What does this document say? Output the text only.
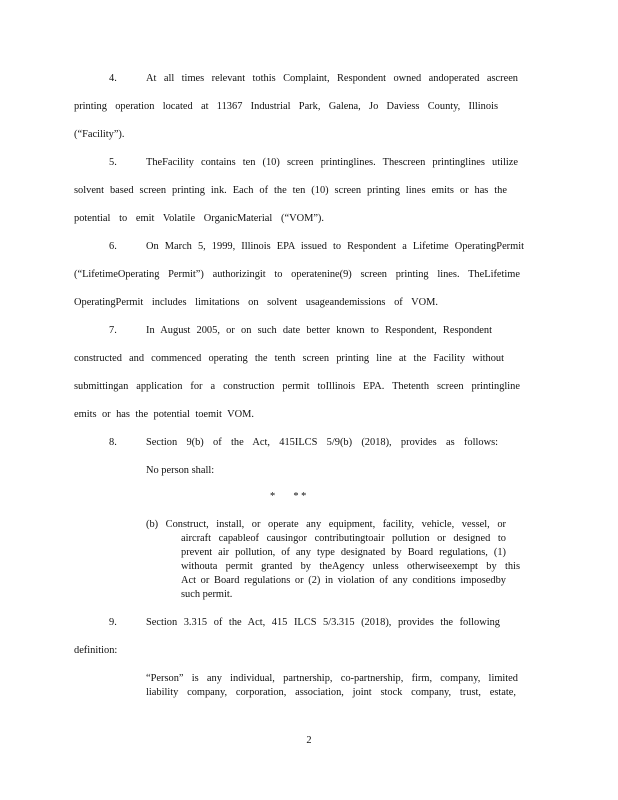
4.	At all times relevant tothis Complaint, Respondent owned andoperated ascreen
printing operation located at 11367 Industrial Park, Galena, Jo Daviess County, Illinois
(“Facility”).
5.	TheFacility contains ten (10) screen printinglines. Thescreen printinglines utilize
solvent based screen printing ink. Each of the ten (10) screen printing lines emits or has the
potential to emit Volatile OrganicMaterial (“VOM”).
6.	On March 5, 1999, Illinois EPA issued to Respondent a Lifetime OperatingPermit
(“LifetimeOperating Permit”) authorizingit to operatenine(9) screen printing lines. TheLifetime
OperatingPermit includes limitations on solvent usageandemissions of VOM.
7.	In August 2005, or on such date better known to Respondent, Respondent
constructed and commenced operating the tenth screen printing line at the Facility without
submittingan application for a construction permit toIllinois EPA. Thetenth screen printingline
emits or has the potential toemit VOM.
8.	Section 9(b) of the Act, 415ILCS 5/9(b) (2018), provides as follows:
No person shall:
*       * *
(b) Construct, install, or operate any equipment, facility, vehicle, vessel, or
aircraft capableof causingor contributingtoair pollution or designed to
prevent air pollution, of any type designated by Board regulations, (1)
withouta permit granted by theAgency unless otherwiseexempt by this
Act or Board regulations or (2) in violation of any conditions imposedby
such permit.
9.	Section 3.315 of the Act, 415 ILCS 5/3.315 (2018), provides the following
definition:
“Person” is any individual, partnership, co-partnership, firm, company, limited
liability company, corporation, association, joint stock company, trust, estate,
2
